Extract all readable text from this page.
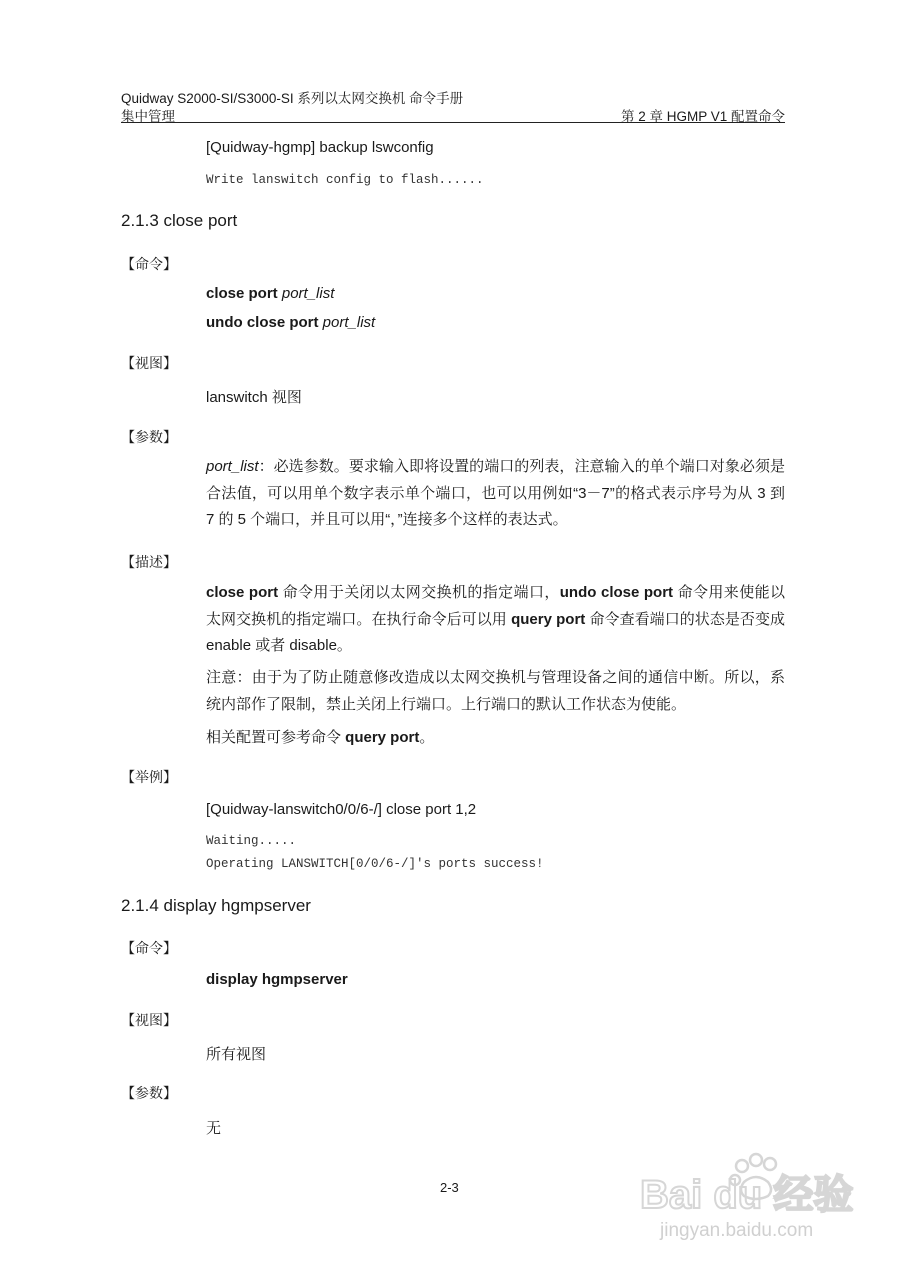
Quidway S2000-SI/S3000-SI 系列以太网交换机 命令手册
集中管理	第 2 章 HGMP V1 配置命令
[Quidway-hgmp] backup lswconfig
Write lanswitch config to flash......
2.1.3 close port
【命令】
close port port_list
undo close port port_list
【视图】
lanswitch 视图
【参数】
port_list：必选参数。要求输入即将设置的端口的列表，注意输入的单个端口对象必须是合法值，可以用单个数字表示单个端口，也可以用例如“3－7”的格式表示序号为从 3 到 7 的 5 个端口，并且可以用“，”连接多个这样的表达式。
【描述】
close port 命令用于关闭以太网交换机的指定端口，undo close port 命令用来使能以太网交换机的指定端口。在执行命令后可以用 query port 命令查看端口的状态是否变成 enable 或者 disable。
注意：由于为了防止随意修改造成以太网交换机与管理设备之间的通信中断。所以，系统内部作了限制，禁止关闭上行端口。上行端口的默认工作状态为使能。
相关配置可参考命令 query port。
【举例】
[Quidway-lanswitch0/0/6-/] close port 1,2
Waiting.....
Operating LANSWITCH[0/0/6-/]'s ports success!
2.1.4 display hgmpserver
【命令】
display hgmpserver
【视图】
所有视图
【参数】
无
2-3	Bai du 经验
jingyan.baidu.com
